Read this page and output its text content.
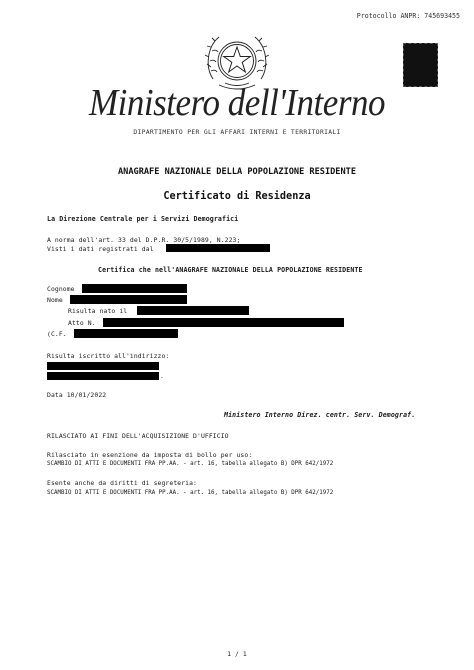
Protocollo ANPR: 745693455
Ministero dell'Interno
DIPARTIMENTO PER GLI AFFARI INTERNI E TERRITORIALI
ANAGRAFE NAZIONALE DELLA POPOLAZIONE RESIDENTE
Certificato di Residenza
La Direzione Centrale per i Servizi Demografici
A norma dell'art. 33 del D.P.R. 30/5/1989, N.223;
Visti i dati registrati dal
Certifica che nell'ANAGRAFE NAZIONALE DELLA POPOLAZIONE RESIDENTE
Cognome
Nome
Risulta nato il
Atto N.
(C.F.
Risulta iscritto all'indirizzo:
.
Data 10/01/2022
Ministero Interno Direz. centr. Serv. Demograf.
RILASCIATO AI FINI DELL'ACQUISIZIONE D'UFFICIO
Rilasciato in esenzione da imposta di bollo per uso:
SCAMBIO DI ATTI E DOCUMENTI FRA PP.AA. - art. 16, tabella allegato B) DPR 642/1972
Esente anche da diritti di segreteria:
SCAMBIO DI ATTI E DOCUMENTI FRA PP.AA. - art. 16, tabella allegato B) DPR 642/1972
1 / 1
